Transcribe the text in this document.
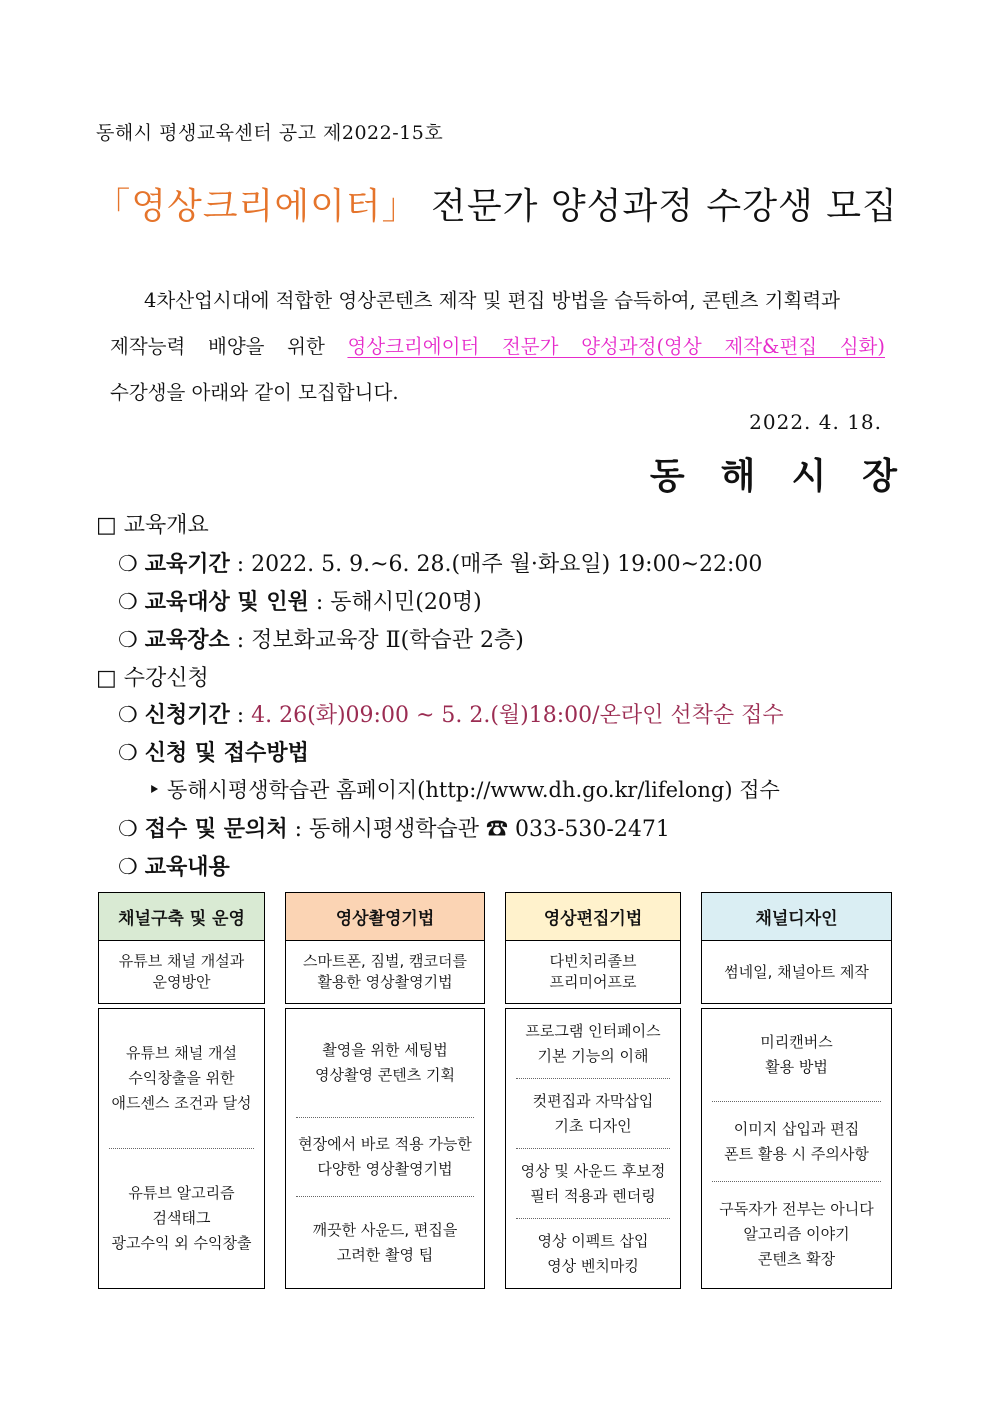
동해시 평생교육센터 공고 제2022-15호
「영상크리에이터」 전문가 양성과정 수강생 모집

4차산업시대에 적합한 영상콘텐츠 제작 및 편집 방법을 습득하여, 콘텐츠 기획력과

제작능력 배양을 위한 영상크리에이터 전문가 양성과정(영상 제작&편집 심화)

수강생을 아래와 같이 모집합니다.

2022. 4. 18.
동해시장
□ 교육개요
❍ 교육기간 : 2022. 5. 9.~6. 28.(매주 월·화요일) 19:00~22:00
❍ 교육대상 및 인원 : 동해시민(20명)
❍ 교육장소 : 정보화교육장 Ⅱ(학습관 2층)
□ 수강신청
❍ 신청기간 : 4. 26(화)09:00 ~ 5. 2.(월)18:00/온라인 선착순 접수
❍ 신청 및 접수방법
‣ 동해시평생학습관 홈페이지(http://www.dh.go.kr/lifelong) 접수
❍ 접수 및 문의처 : 동해시평생학습관 ☎ 033-530-2471
❍ 교육내용
채널구축 및 운영
유튜브 채널 개설과
운영방안
유튜브 채널 개설
수익창출을 위한
애드센스 조건과 달성
유튜브 알고리즘
검색태그
광고수익 외 수익창출
영상촬영기법
스마트폰, 짐벌, 캠코더를
활용한 영상촬영기법
촬영을 위한 세팅법
영상촬영 콘텐츠 기획
현장에서 바로 적용 가능한
다양한 영상촬영기법
깨끗한 사운드, 편집을
고려한 촬영 팁
영상편집기법
다빈치리졸브
프리미어프로
프로그램 인터페이스
기본 기능의 이해
컷편집과 자막삽입
기초 디자인
영상 및 사운드 후보정
필터 적용과 렌더링
영상 이펙트 삽입
영상 벤치마킹
채널디자인
썸네일, 채널아트 제작
미리캔버스
활용 방법
이미지 삽입과 편집
폰트 활용 시 주의사항
구독자가 전부는 아니다
알고리즘 이야기
콘텐츠 확장
